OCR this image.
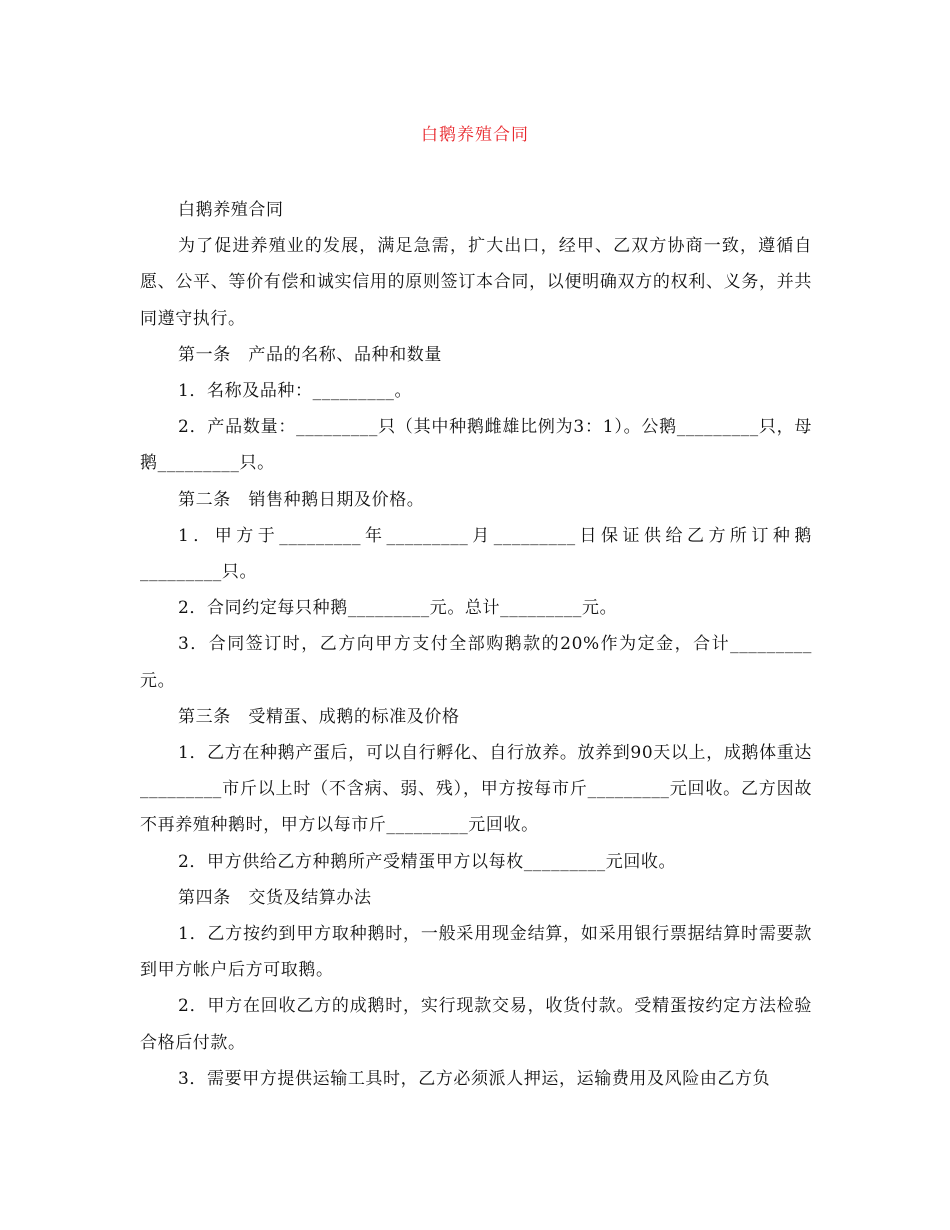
白鹅养殖合同

白鹅养殖合同

为了促进养殖业的发展，满足急需，扩大出口，经甲、乙双方协商一致，遵循自愿、公平、等价有偿和诚实信用的原则签订本合同，以便明确双方的权利、义务，并共同遵守执行。

第一条　产品的名称、品种和数量

1．名称及品种：_________。

2．产品数量：_________只（其中种鹅雌雄比例为3：1）。公鹅_________只，母鹅_________只。

第二条　销售种鹅日期及价格。

1．甲方于_________年_________月_________日保证供给乙方所订种鹅_________只。

2．合同约定每只种鹅_________元。总计_________元。

3．合同签订时，乙方向甲方支付全部购鹅款的20%作为定金，合计_________元。

第三条　受精蛋、成鹅的标准及价格

1．乙方在种鹅产蛋后，可以自行孵化、自行放养。放养到90天以上，成鹅体重达_________市斤以上时（不含病、弱、残），甲方按每市斤_________元回收。乙方因故不再养殖种鹅时，甲方以每市斤_________元回收。

2．甲方供给乙方种鹅所产受精蛋甲方以每枚_________元回收。

第四条　交货及结算办法

1．乙方按约到甲方取种鹅时，一般采用现金结算，如采用银行票据结算时需要款到甲方帐户后方可取鹅。

2．甲方在回收乙方的成鹅时，实行现款交易，收货付款。受精蛋按约定方法检验合格后付款。

3．需要甲方提供运输工具时，乙方必须派人押运，运输费用及风险由乙方负
